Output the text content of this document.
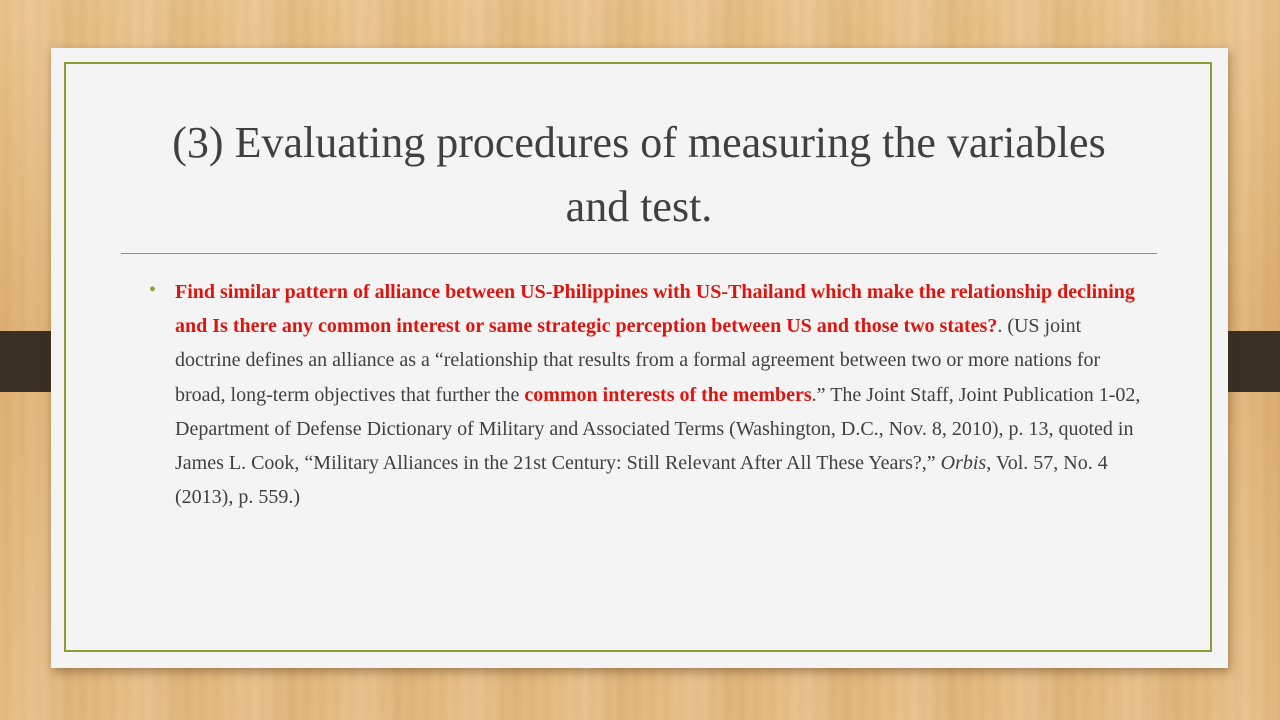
(3) Evaluating procedures of measuring the variables and test.
• Find similar pattern of alliance between US-Philippines with US-Thailand which make the relationship declining and Is there any common interest or same strategic perception between US and those two states?. (US joint doctrine defines an alliance as a “relationship that results from a formal agreement between two or more nations for broad, long-term objectives that further the common interests of the members.” The Joint Staff, Joint Publication 1-02, Department of Defense Dictionary of Military and Associated Terms (Washington, D.C., Nov. 8, 2010), p. 13, quoted in James L. Cook, “Military Alliances in the 21st Century: Still Relevant After All These Years?,” Orbis, Vol. 57, No. 4 (2013), p. 559.)
